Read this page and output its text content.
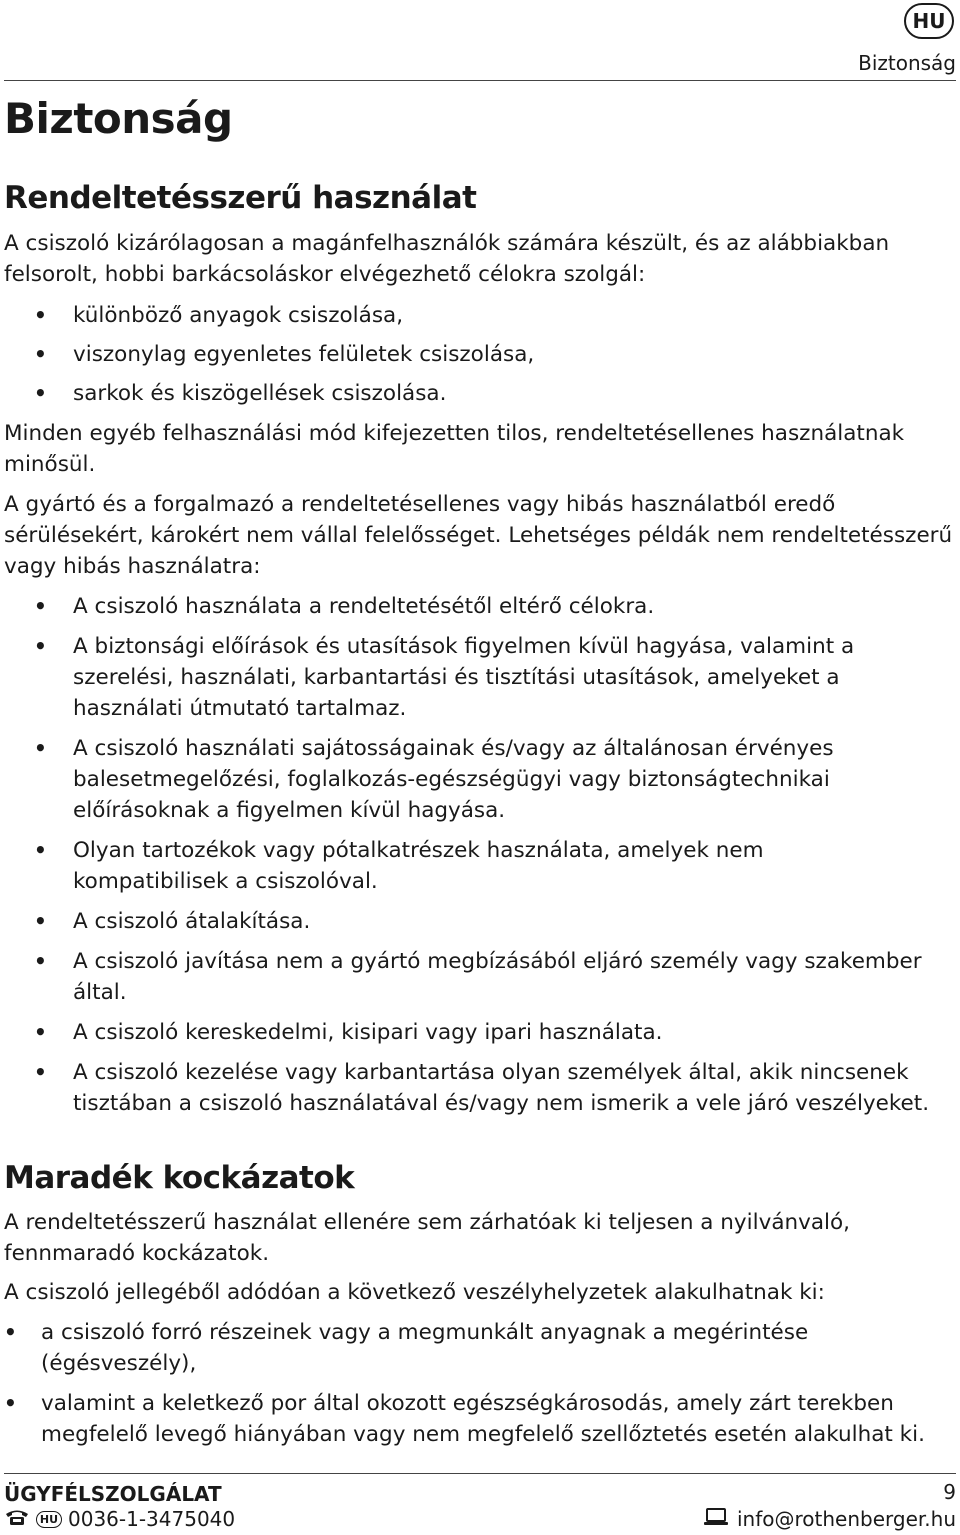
HU
Biztonság
Biztonság
Rendeltetésszerű használat

A csiszoló kizárólagosan a magánfelhasználók számára készült, és az alábbiakban felsorolt, hobbi barkácsoláskor elvégezhető célokra szolgál:

• különböző anyagok csiszolása,
• viszonylag egyenletes felületek csiszolása,
• sarkok és kiszögellések csiszolása.

Minden egyéb felhasználási mód kifejezetten tilos, rendeltetésellenes használatnak minősül.

A gyártó és a forgalmazó a rendeltetésellenes vagy hibás használatból eredő sérülésekért, károkért nem vállal felelősséget. Lehetséges példák nem rendeltetésszerű vagy hibás használatra:

• A csiszoló használata a rendeltetésétől eltérő célokra.
• A biztonsági előírások és utasítások figyelmen kívül hagyása, valamint a szerelési, használati, karbantartási és tisztítási utasítások, amelyeket a használati útmutató tartalmaz.
• A csiszoló használati sajátosságainak és/vagy az általánosan érvényes balesetmegelőzési, foglalkozás-egészségügyi vagy biztonságtechnikai előírásoknak a figyelmen kívül hagyása.
• Olyan tartozékok vagy pótalkatrészek használata, amelyek nem kompatibilisek a csiszolóval.
• A csiszoló átalakítása.
• A csiszoló javítása nem a gyártó megbízásából eljáró személy vagy szakember által.
• A csiszoló kereskedelmi, kisipari vagy ipari használata.
• A csiszoló kezelése vagy karbantartása olyan személyek által, akik nincsenek tisztában a csiszoló használatával és/vagy nem ismerik a vele járó veszélyeket.
Maradék kockázatok

A rendeltetésszerű használat ellenére sem zárhatóak ki teljesen a nyilvánvaló, fennmaradó kockázatok.

A csiszoló jellegéből adódóan a következő veszélyhelyzetek alakulhatnak ki:

• a csiszoló forró részeinek vagy a megmunkált anyagnak a megérintése (égésveszély),
• valamint a keletkező por által okozott egészségkárosodás, amely zárt terekben megfelelő levegő hiányában vagy nem megfelelő szellőztetés esetén alakulhat ki.
ÜGYFÉLSZOLGÁLAT	9
HU 0036-1-3475040	info@rothenberger.hu
